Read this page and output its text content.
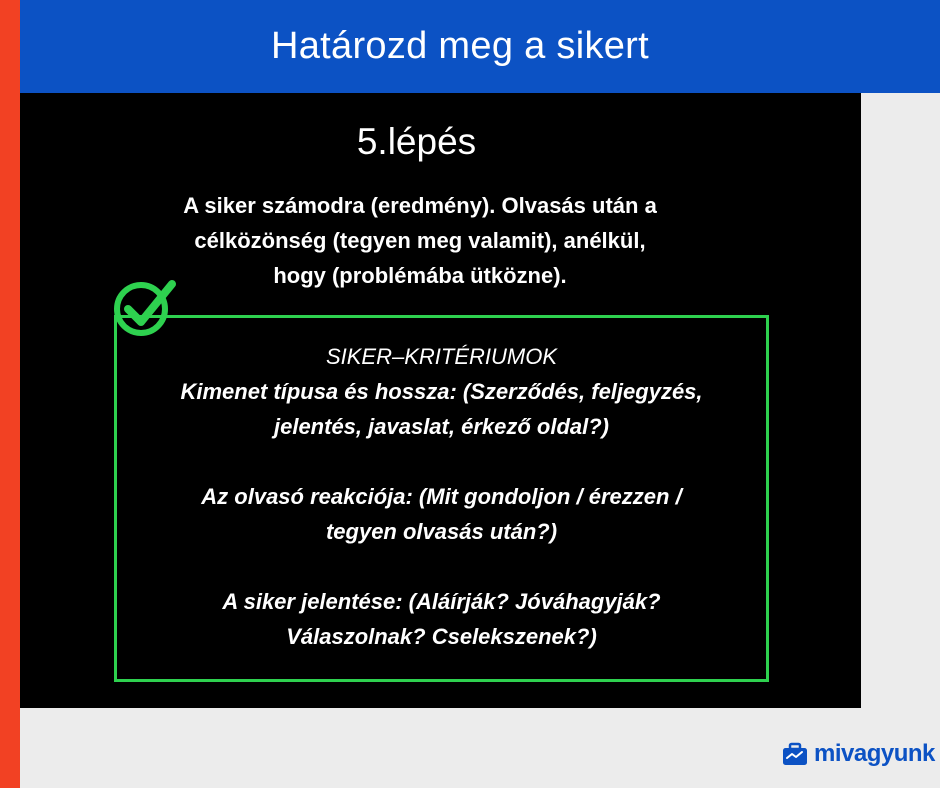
Határozd meg a sikert
5.lépés
A siker számodra (eredmény). Olvasás után a
célközönség (tegyen meg valamit), anélkül,
hogy (problémába ütközne).
SIKER–KRITÉRIUMOK
Kimenet típusa és hossza: (Szerződés, feljegyzés,
jelentés, javaslat, érkező oldal?)
Az olvasó reakciója: (Mit gondoljon / érezzen /
tegyen olvasás után?)
A siker jelentése: (Aláírják? Jóváhagyják?
Válaszolnak? Cselekszenek?)
mivagyunk
